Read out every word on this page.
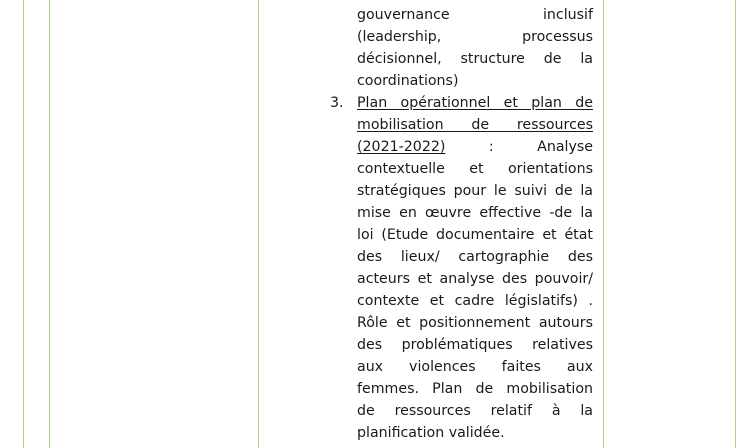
gouvernance inclusif
(leadership, processus
décisionnel, structure de la
coordinations)
3. Plan opérationnel et plan de
mobilisation de ressources
(2021-2022) : Analyse
contextuelle et orientations
stratégiques pour le suivi de la
mise en œuvre effective -de la
loi (Etude documentaire et état
des lieux/ cartographie des
acteurs et analyse des pouvoir/
contexte et cadre législatifs) .
Rôle et positionnement autours
des problématiques relatives
aux violences faites aux
femmes. Plan de mobilisation
de ressources relatif à la
planification validée.
